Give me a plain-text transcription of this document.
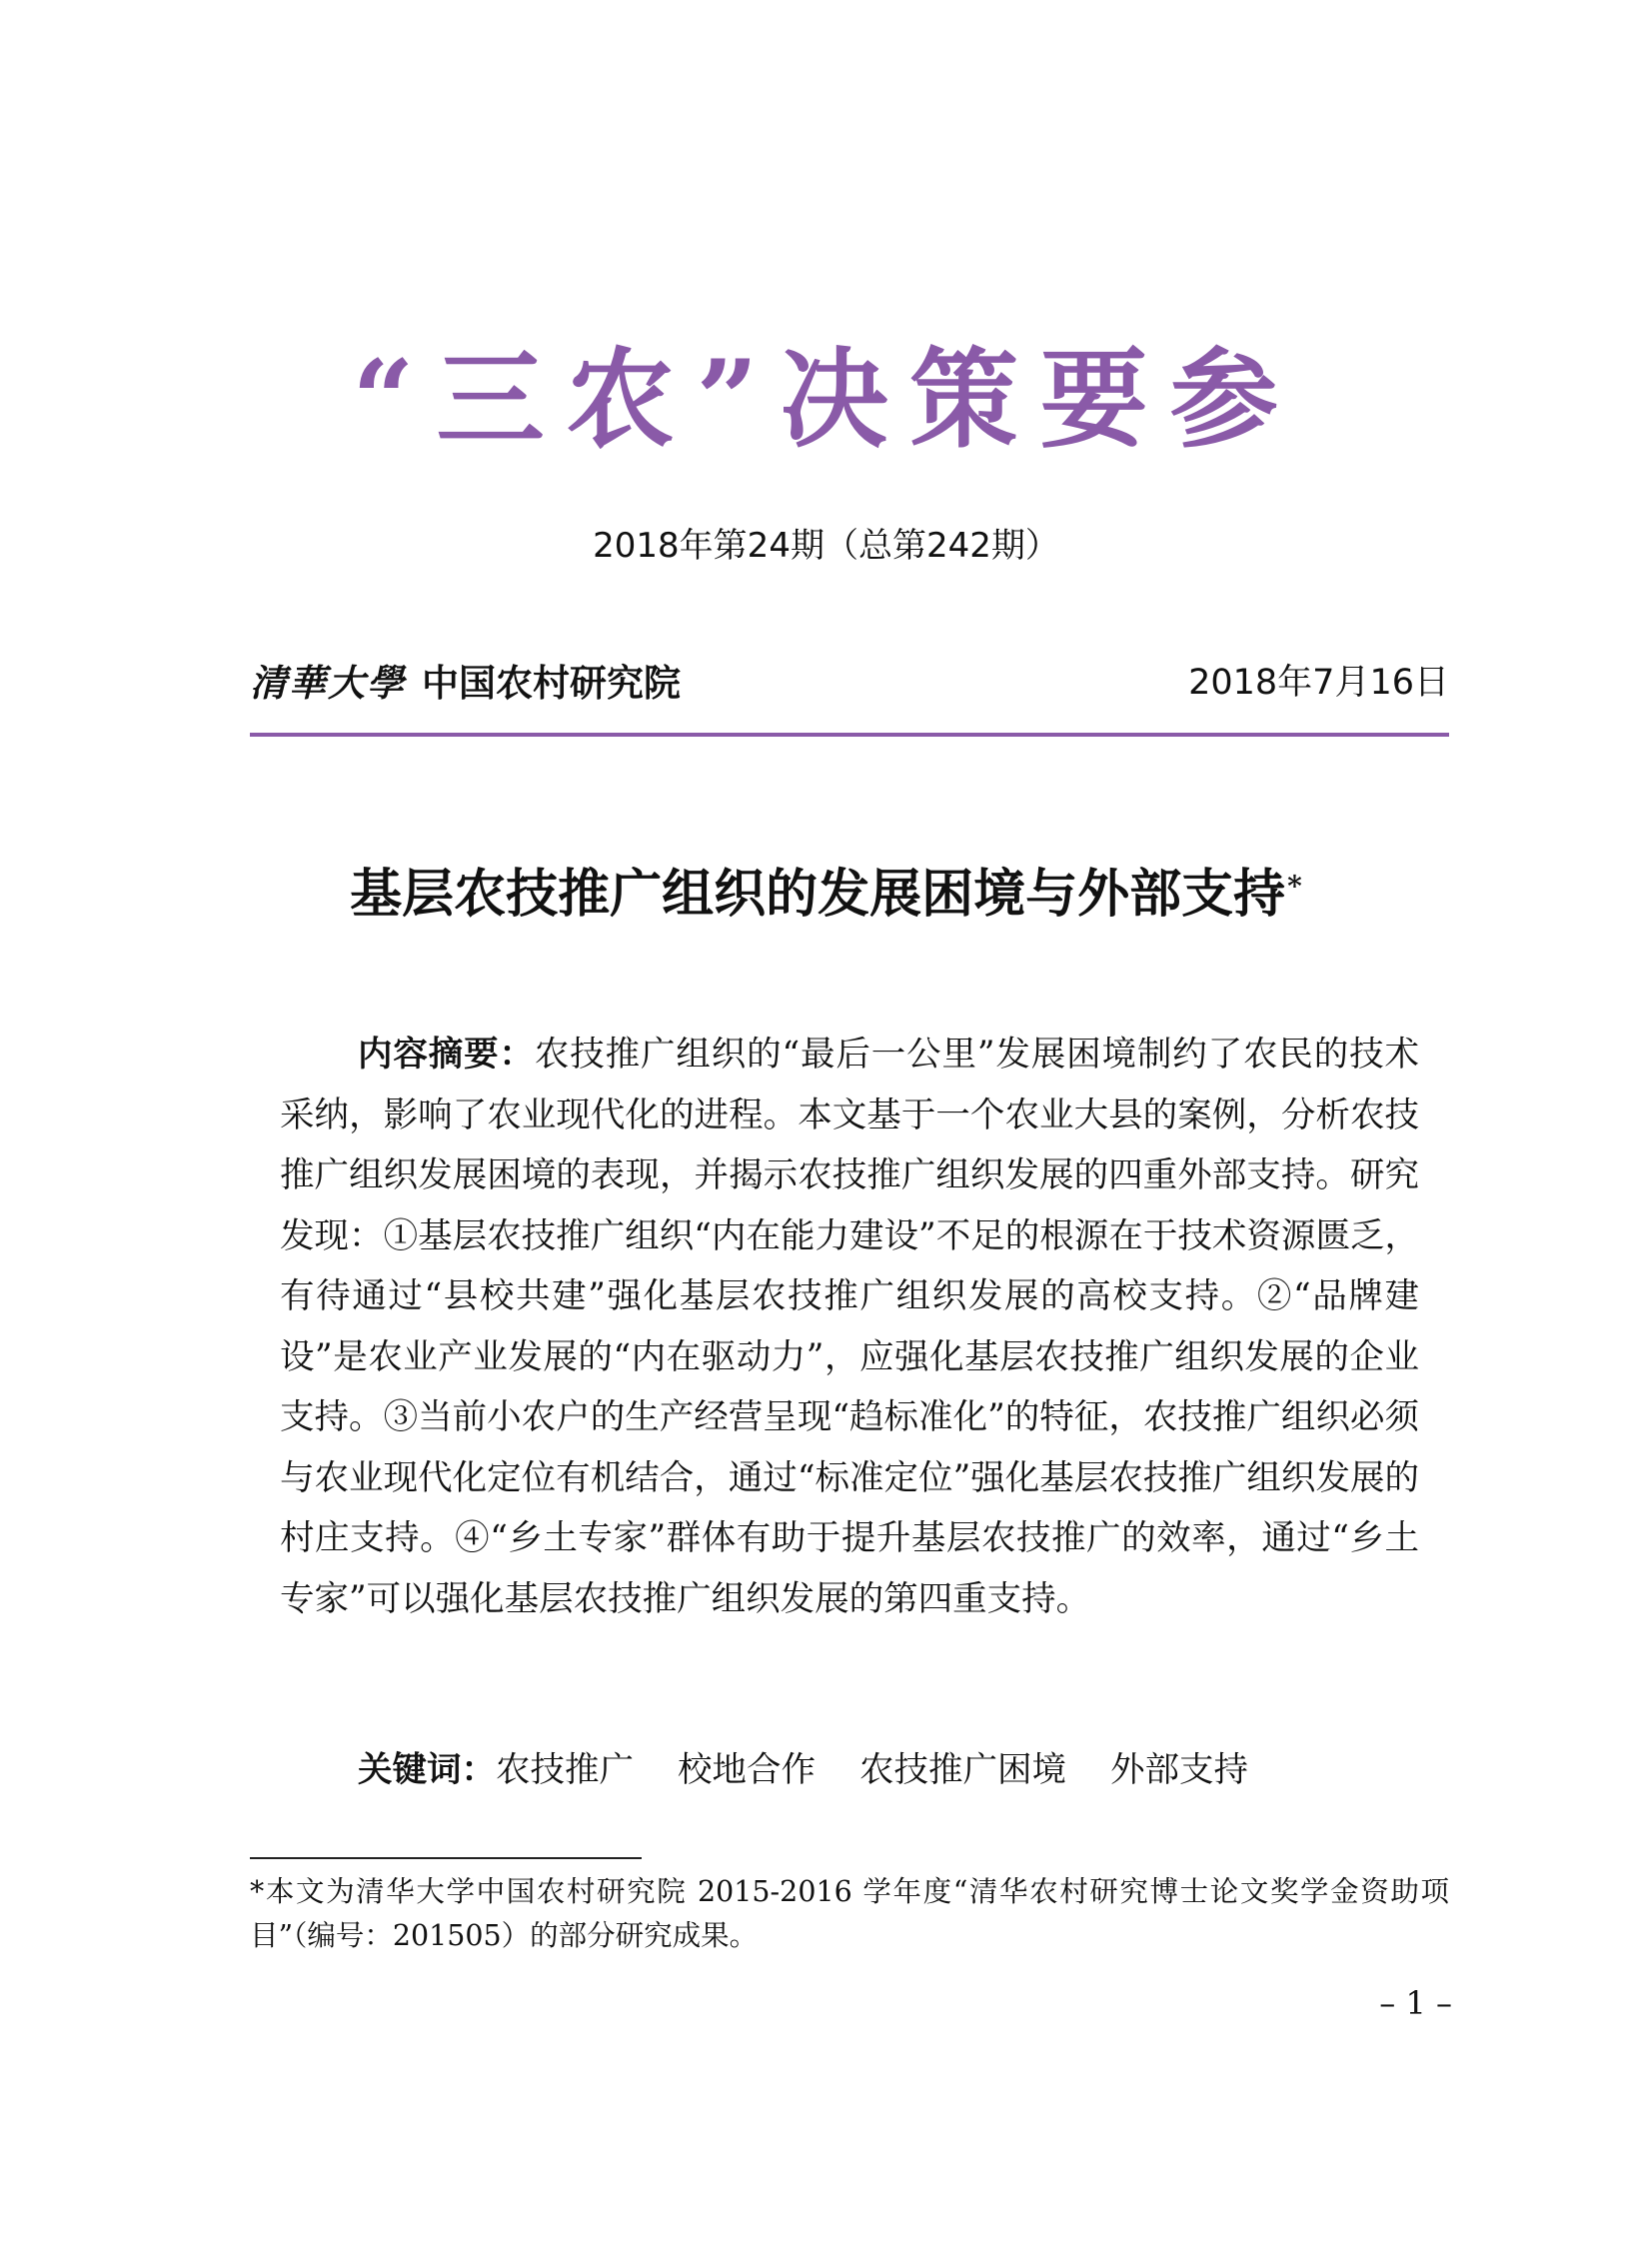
“三农”决策要参
2018年第24期（总第242期）
清華大學 中国农村研究院	2018年7月16日
基层农技推广组织的发展困境与外部支持*
内容摘要：农技推广组织的“最后一公里”发展困境制约了农民的技术采纳，影响了农业现代化的进程。本文基于一个农业大县的案例，分析农技推广组织发展困境的表现，并揭示农技推广组织发展的四重外部支持。研究发现：①基层农技推广组织“内在能力建设”不足的根源在于技术资源匮乏，有待通过“县校共建”强化基层农技推广组织发展的高校支持。②“品牌建设”是农业产业发展的“内在驱动力”，应强化基层农技推广组织发展的企业支持。③当前小农户的生产经营呈现“趋标准化”的特征，农技推广组织必须与农业现代化定位有机结合，通过“标准定位”强化基层农技推广组织发展的村庄支持。④“乡土专家”群体有助于提升基层农技推广的效率，通过“乡土专家”可以强化基层农技推广组织发展的第四重支持。
关键词：农技推广 校地合作 农技推广困境 外部支持
*本文为清华大学中国农村研究院 2015-2016 学年度“清华农村研究博士论文奖学金资助项目”（编号：201505）的部分研究成果。
– 1 –
